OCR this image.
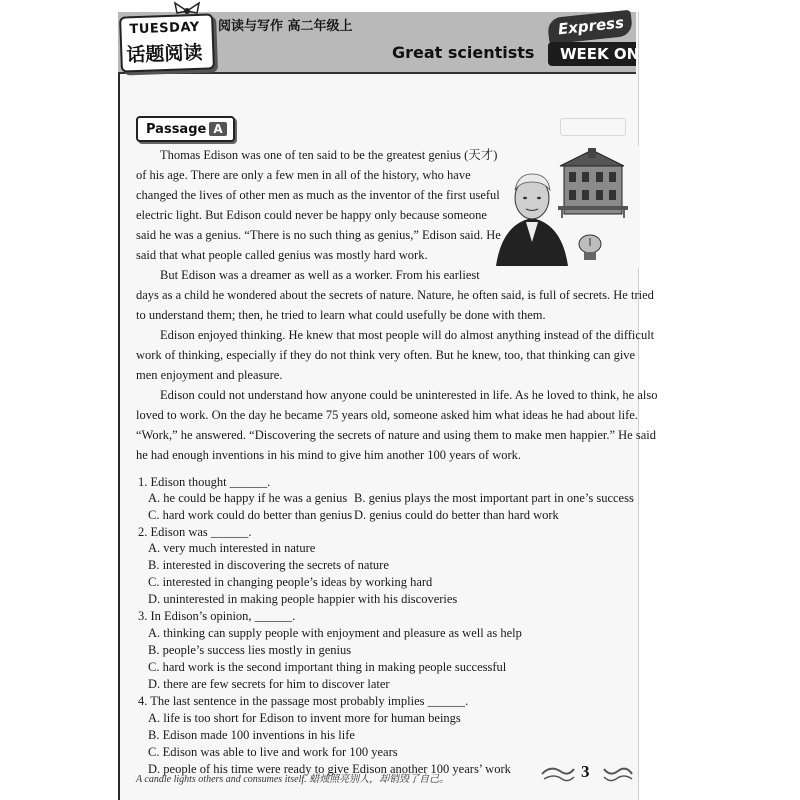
阅读与写作 高二年级上
TUESDAY
话题阅读
Express
Great scientists WEEK ONE
Passage A
Thomas Edison was one of ten said to be the greatest genius (天才)
of his age. There are only a few men in all of the history, who have
changed the lives of other men as much as the inventor of the first useful
electric light. But Edison could never be happy only because someone
said he was a genius. “There is no such thing as genius,” Edison said. He
said that what people called genius was mostly hard work.
But Edison was a dreamer as well as a worker. From his earliest
days as a child he wondered about the secrets of nature. Nature, he often said, is full of secrets. He tried
to understand them; then, he tried to learn what could usefully be done with them.
Edison enjoyed thinking. He knew that most people will do almost anything instead of the difficult
work of thinking, especially if they do not think very often. But he knew, too, that thinking can give
men enjoyment and pleasure.
Edison could not understand how anyone could be uninterested in life. As he loved to think, he also
loved to work. On the day he became 75 years old, someone asked him what ideas he had about life.
“Work,” he answered. “Discovering the secrets of nature and using them to make men happier.” He said
he had enough inventions in his mind to give him another 100 years of work.
1. Edison thought ______.
A. he could be happy if he was a genius B. genius plays the most important part in one’s success
C. hard work could do better than genius D. genius could do better than hard work
2. Edison was ______.
A. very much interested in nature
B. interested in discovering the secrets of nature
C. interested in changing people’s ideas by working hard
D. uninterested in making people happier with his discoveries
3. In Edison’s opinion, ______.
A. thinking can supply people with enjoyment and pleasure as well as help
B. people’s success lies mostly in genius
C. hard work is the second important thing in making people successful
D. there are few secrets for him to discover later
4. The last sentence in the passage most probably implies ______.
A. life is too short for Edison to invent more for human beings
B. Edison made 100 inventions in his life
C. Edison was able to live and work for 100 years
D. people of his time were ready to give Edison another 100 years’ work
A candle lights others and consumes itself. 蜡烛照亮别人，却销毁了自己。	3
